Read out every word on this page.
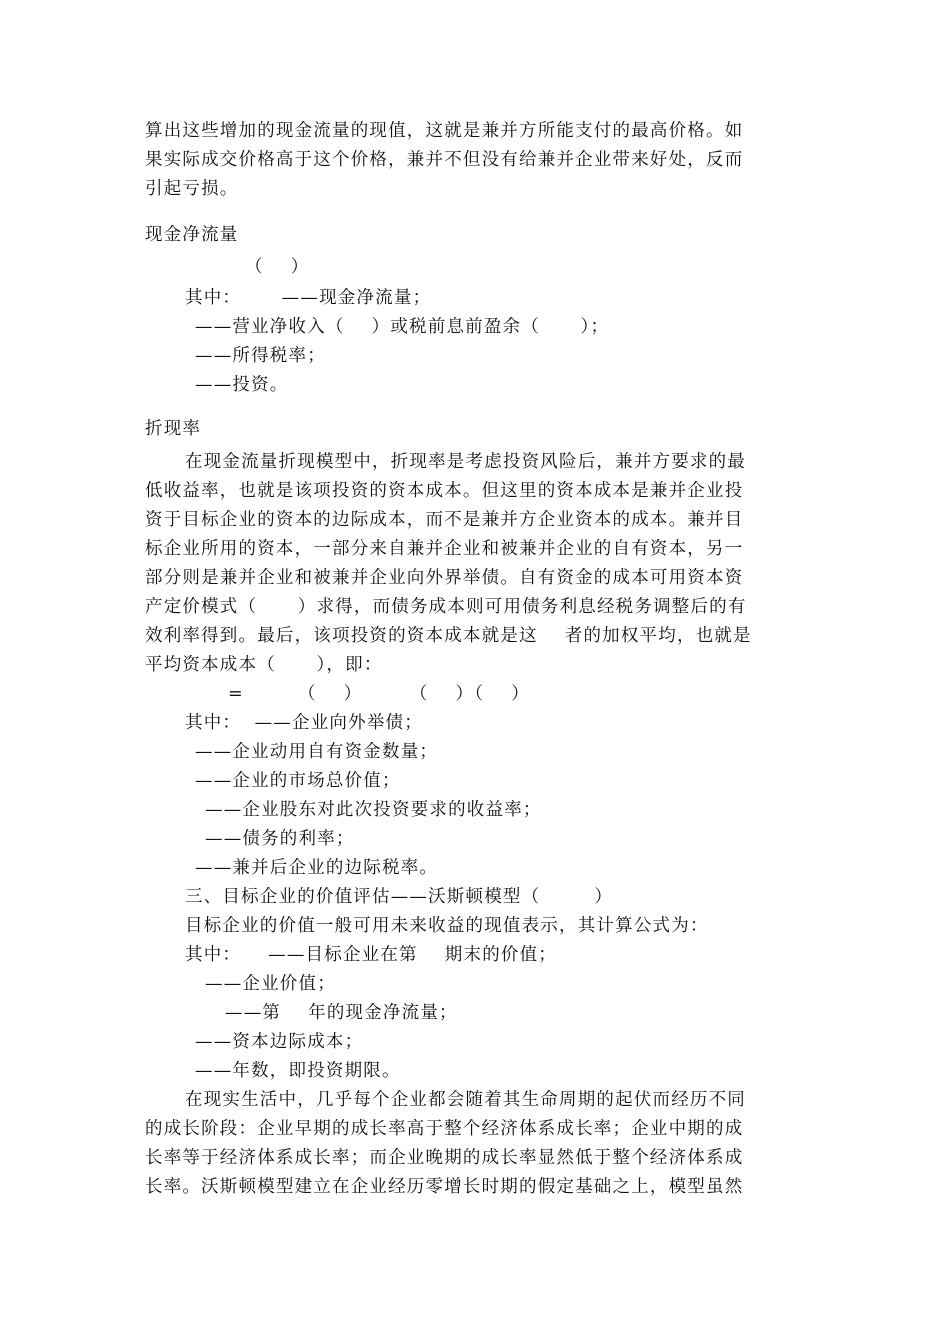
算出这些增加的现金流量的现值，这就是兼并方所能支付的最高价格。如
果实际成交价格高于这个价格，兼并不但没有给兼并企业带来好处，反而
引起亏损。
现金净流量
（    ）
其中：      ——现金净流量；
——营业净收入（    ）或税前息前盈余（      ）；
——所得税率；
——投资。
折现率
在现金流量折现模型中，折现率是考虑投资风险后，兼并方要求的最
低收益率，也就是该项投资的资本成本。但这里的资本成本是兼并企业投
资于目标企业的资本的边际成本，而不是兼并方企业资本的成本。兼并目
标企业所用的资本，一部分来自兼并企业和被兼并企业的自有资本，另一
部分则是兼并企业和被兼并企业向外界举债。自有资金的成本可用资本资
产定价模式（      ）求得，而债务成本则可用债务利息经税务调整后的有
效利率得到。最后，该项投资的资本成本就是这    者的加权平均，也就是
平均资本成本（      ），即：
=        （    ）       （    ）（    ）
其中：  ——企业向外举债；
——企业动用自有资金数量；
——企业的市场总价值；
——企业股东对此次投资要求的收益率；
——债务的利率；
——兼并后企业的边际税率。
三、目标企业的价值评估——沃斯顿模型（        ）
目标企业的价值一般可用未来收益的现值表示，其计算公式为：
其中：    ——目标企业在第    期末的价值；
——企业价值；
——第    年的现金净流量；
——资本边际成本；
——年数，即投资期限。
在现实生活中，几乎每个企业都会随着其生命周期的起伏而经历不同
的成长阶段：企业早期的成长率高于整个经济体系成长率；企业中期的成
长率等于经济体系成长率；而企业晚期的成长率显然低于整个经济体系成
长率。沃斯顿模型建立在企业经历零增长时期的假定基础之上，模型虽然
